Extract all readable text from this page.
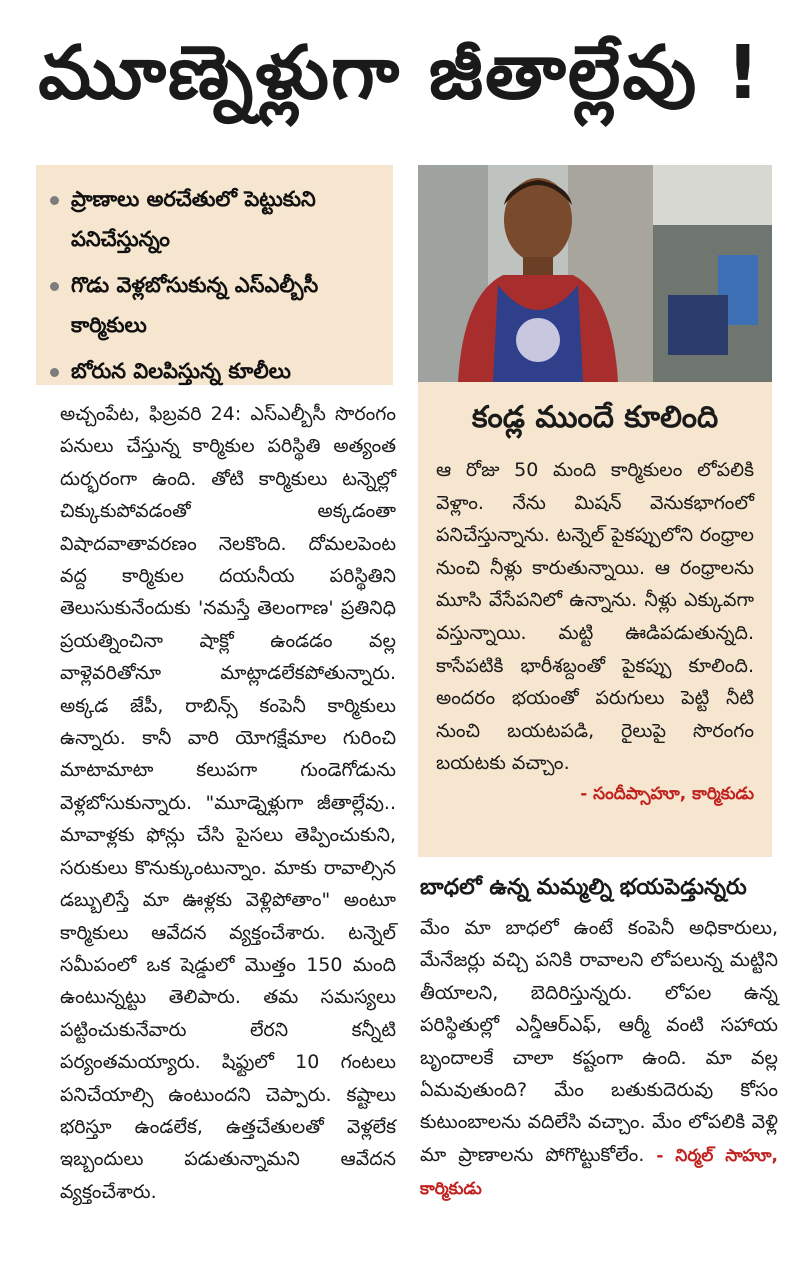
మూణ్నెళ్లుగా జీతాల్లేవు !
ప్రాణాలు అరచేతులో పెట్టుకుని పనిచేస్తున్నం
గొడు వెళ్లబోసుకున్న ఎస్ఎల్బీసీ కార్మికులు
బోరున విలపిస్తున్న కూలీలు

అచ్చంపేట, ఫిబ్రవరి 24: ఎస్ఎల్బీసీ సొరంగం పనులు చేస్తున్న కార్మికుల పరిస్థితి అత్యంత దుర్భరంగా ఉంది. తోటి కార్మికులు టన్నెల్లో చిక్కుకుపోవడంతో అక్కడంతా విషాదవాతావరణం నెలకొంది. దోమలపెంట వద్ద కార్మికుల దయనీయ పరిస్థితిని తెలుసుకునేందుకు 'నమస్తే తెలంగాణ' ప్రతినిధి ప్రయత్నించినా షాక్లో ఉండడం వల్ల వాళ్లెవరితోనూ మాట్లాడలేకపోతున్నారు. అక్కడ జేపీ, రాబిన్స్ కంపెనీ కార్మికులు ఉన్నారు. కానీ వారి యోగక్షేమాల గురించి మాటామాటా కలుపగా గుండెగోడును వెళ్లబోసుకున్నారు. "మూడ్నెళ్లుగా జీతాల్లేవు.. మావాళ్లకు ఫోన్లు చేసి పైసలు తెప్పించుకుని, సరుకులు కొనుక్కుంటున్నాం. మాకు రావాల్సిన డబ్బులిస్తే మా ఊళ్లకు వెళ్లిపోతాం" అంటూ కార్మికులు ఆవేదన వ్యక్తంచేశారు. టన్నెల్ సమీపంలో ఒక షెడ్డులో మొత్తం 150 మంది ఉంటున్నట్టు తెలిపారు. తమ సమస్యలు పట్టించుకునేవారు లేరని కన్నీటి పర్యంతమయ్యారు. షిఫ్టులో 10 గంటలు పనిచేయాల్సి ఉంటుందని చెప్పారు. కష్టాలు భరిస్తూ ఉండలేక, ఉత్తచేతులతో వెళ్లలేక ఇబ్బందులు పడుతున్నామని ఆవేదన వ్యక్తంచేశారు.

కండ్ల ముందే కూలింది

ఆ రోజు 50 మంది కార్మికులం లోపలికి వెళ్లాం. నేను మిషన్ వెనుకభాగంలో పనిచేస్తున్నాను. టన్నెల్ పైకప్పులోని రంధ్రాల నుంచి నీళ్లు కారుతున్నాయి. ఆ రంధ్రాలను మూసి వేసేపనిలో ఉన్నాను. నీళ్లు ఎక్కువగా వస్తున్నాయి. మట్టి ఊడిపడుతున్నది. కాసేపటికి భారీశబ్దంతో పైకప్పు కూలింది. అందరం భయంతో పరుగులు పెట్టి నీటి నుంచి బయటపడి, రైలుపై సొరంగం బయటకు వచ్చాం.

- సందీప్సాహూ, కార్మికుడు
బాధలో ఉన్న మమ్మల్ని భయపెడ్తున్నరు

మేం మా బాధలో ఉంటే కంపెనీ అధికారులు, మేనేజర్లు వచ్చి పనికి రావాలని లోపలున్న మట్టిని తీయాలని, బెదిరిస్తున్నరు. లోపల ఉన్న పరిస్థితుల్లో ఎన్డీఆర్ఎఫ్, ఆర్మీ వంటి సహాయ బృందాలకే చాలా కష్టంగా ఉంది. మా వల్ల ఏమవుతుంది? మేం బతుకుదెరువు కోసం కుటుంబాలను వదిలేసి వచ్చాం. మేం లోపలికి వెళ్లి మా ప్రాణాలను పోగొట్టుకోలేం. - నిర్మల్ సాహూ, కార్మికుడు
